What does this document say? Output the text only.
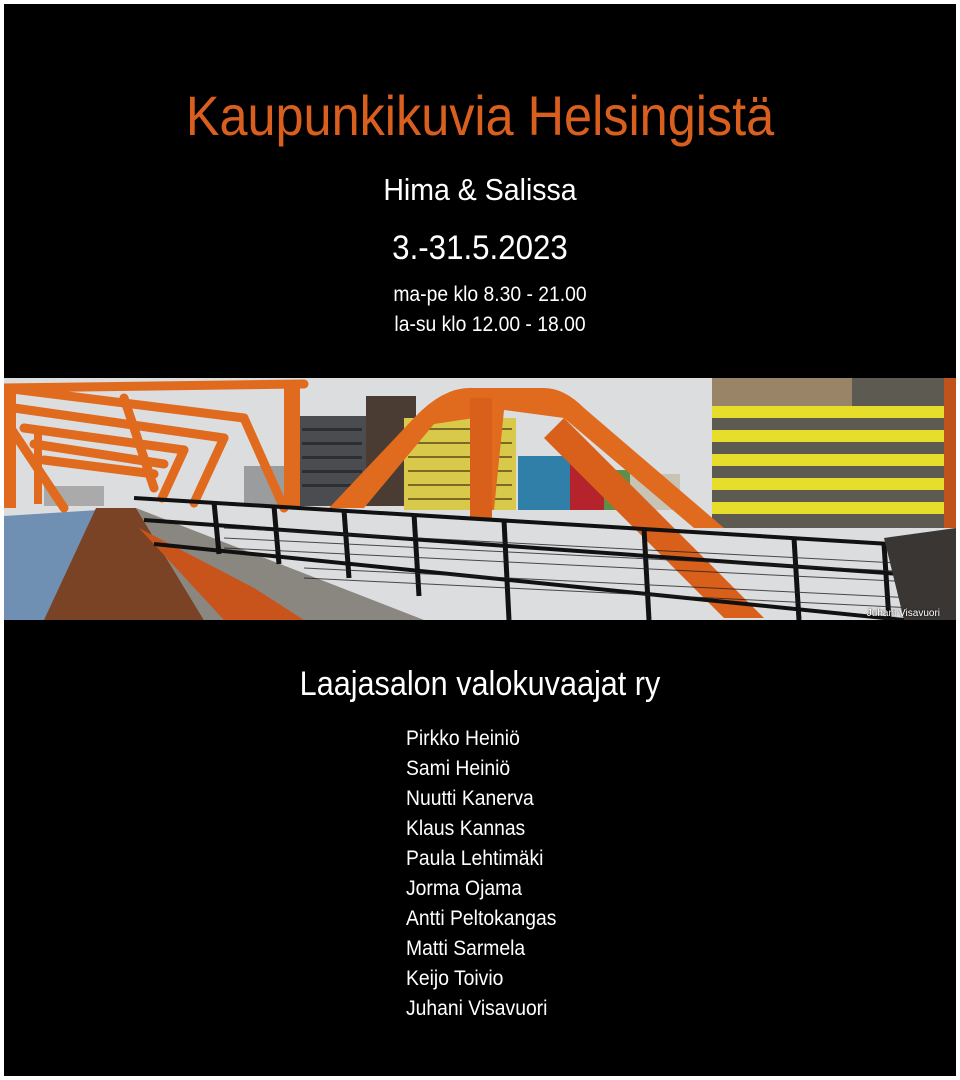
Kaupunkikuvia Helsingistä
Hima & Salissa
3.-31.5.2023
ma-pe klo 8.30 - 21.00
la-su klo 12.00 - 18.00
Juhani Visavuori
Laajasalon valokuvaajat ry
Pirkko Heiniö
Sami Heiniö
Nuutti Kanerva
Klaus Kannas
Paula Lehtimäki
Jorma Ojama
Antti Peltokangas
Matti Sarmela
Keijo Toivio
Juhani Visavuori
